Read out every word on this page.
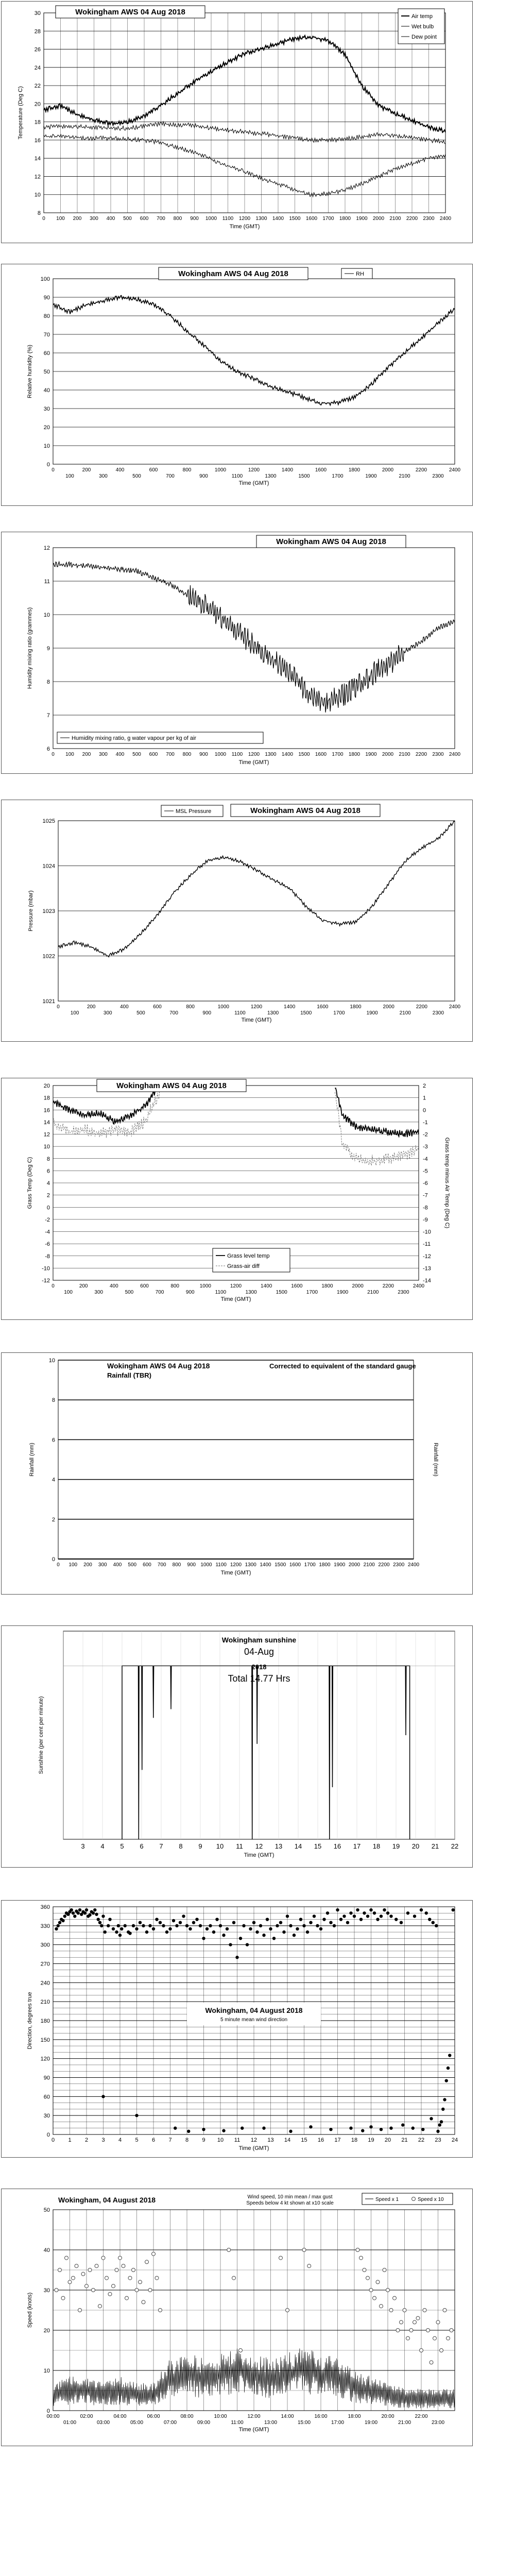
8
10
12
14
16
18
20
22
24
26
28
30
0 100 200 300 400 500 600 700 800 900 1000 1100 1200 1300 1400 1500 1600 1700 1800 1900 2000 2100 2200 2300 2400
Time (GMT)
Temperature (Deg C)
Wokingham AWS 04 Aug 2018	Air temp
Wet bulb
Dew point
0
10
20
30
40
50
60
70
80
90
100
0	200	400	600	800	1000	1200	1400	1600	1800	2000	2200	2400
100	300	500	700	900	1100	1300	1500	1700	1900	2100	2300
Time (GMT)
Relative humidity (%)
Wokingham AWS 04 Aug 2018	RH
6
7
8
9
10
11
12
0 100 200 300 400 500 600 700 800 900 1000 1100 1200 1300 1400 1500 1600 1700 1800 1900 2000 2100 2200 2300 2400
Time (GMT)
Humidity mixing ratio (grammes)
Wokingham AWS 04 Aug 2018
Humidity mixing ratio, g water vapour per kg of air
1021
1022
1023
1024
1025
0	200	400	600	800	1000	1200	1400	1600	1800	2000	2200	2400
100	300	500	700	900	1100	1300	1500	1700	1900	2100	2300
Time (GMT)
Pressure (mbar)
MSL Pressure	Wokingham AWS 04 Aug 2018
20
18
16
14
12
10
8
6
4
2
0
-2
-4
-6
-8
-10
-12
2
1
0
-1
-2
-3
-4
-5
-6
-7
-8
-9
-10
-11
-12
-13
-14
0	200	400	600	800	1000	1200	1400	1600	1800	2000	2200	2400
100	300	500	700	900	1100	1300	1500	1700	1900	2100	2300
Time (GMT)
Grass Temp (Deg C)	Grass temp minus Air Temp (Deg C)
Wokingham AWS 04 Aug 2018
Grass level temp
Grass-air diff
0
2
4
6
8
10
0 100 200 300 400 500 600 700 800 900 1000 1100 1200 1300 1400 1500 1600 1700 1800 1900 2000 2100 2200 2300 2400
Time (GMT)
Rainfall (mm)	Rainfall (mm)
Wokingham AWS 04 Aug 2018
Rainfall (TBR)
Corrected to equivalent of the standard gauge
3 4 5 6 7 8 9 10 11 12 13 14 15 16 17 18 19 20 21 22
Time (GMT)
Sunshine (per cent per minute)
Wokingham sunshine
04-Aug
2018
Total 14.77 Hrs
0
30
60
90
120
150
180
210
240
270
300
330
360
0 1 2 3 4 5 6 7 8 9 10 11 12 13 14 15 16 17 18 19 20 21 22 23 24
Time (GMT)
Direction, degrees true	Wokingham, 04 August 2018
5 minute mean wind direction
0
10
20
30
40
50
00:00	02:00	04:00	06:00	08:00	10:00	12:00	14:00	16:00	18:00	20:00	22:00
01:00	03:00	05:00	07:00	09:00	11:00	13:00	15:00	17:00	19:00	21:00	23:00
Time (GMT)
Speed (knots)
Wokingham, 04 August 2018	Wind speed, 10 min mean / max gust
Speeds below 4 kt shown at x10 scale
Speed x 1	Speed x 10
